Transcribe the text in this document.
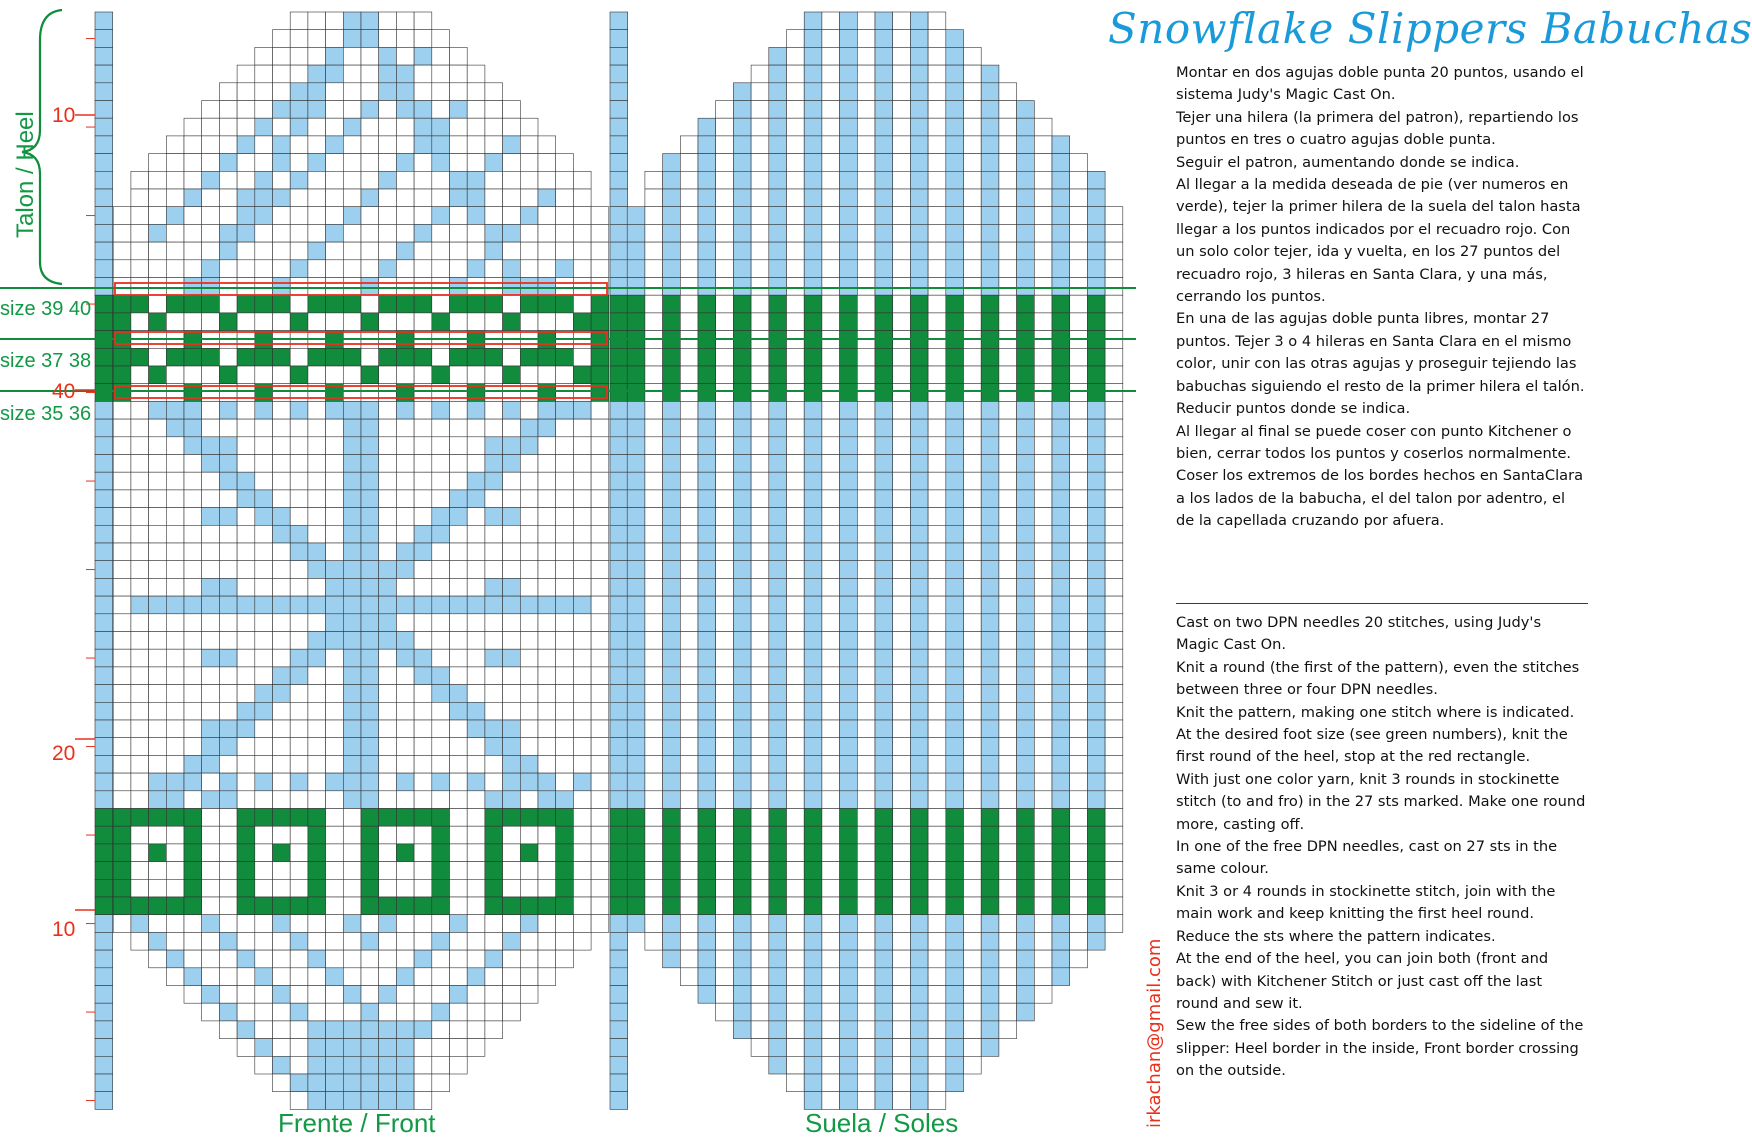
Snowflake Slippers Babuchas

Montar en dos agujas doble punta 20 puntos, usando el sistema Judy's Magic Cast On.

Tejer una hilera (la primera del patron), repartiendo los puntos en tres o cuatro agujas doble punta.

Seguir el patron, aumentando donde se indica.

Al llegar a la medida deseada de pie (ver numeros en verde), tejer la primer hilera de la suela del talon hasta llegar a los puntos indicados por el recuadro rojo. Con un solo color tejer, ida y vuelta, en los 27 puntos del recuadro rojo, 3 hileras en Santa Clara, y una más, cerrando los puntos.

En una de las agujas doble punta libres, montar 27 puntos. Tejer 3 o 4 hileras en Santa Clara en el mismo color, unir con las otras agujas y proseguir tejiendo las babuchas siguiendo el resto de la primer hilera el talón.

Reducir puntos donde se indica.

Al llegar al final se puede coser con punto Kitchener o bien, cerrar todos los puntos y coserlos normalmente.

Coser los extremos de los bordes hechos en SantaClara a los lados de la babucha, el del talon por adentro, el de la capellada cruzando por afuera.

Cast on two DPN needles 20 stitches, using Judy's Magic Cast On.

Knit a round (the first of the pattern), even the stitches between three or four DPN needles.

Knit the pattern, making one stitch where is indicated.

At the desired foot size (see green numbers), knit the first round of the heel, stop at the red rectangle.

With just one color yarn, knit 3 rounds in stockinette stitch (to and fro) in the 27 sts marked. Make one round more, casting off.

In one of the free DPN needles, cast on 27 sts in the same colour.

Knit 3 or 4 rounds in stockinette stitch, join with the main work and keep knitting the first heel round.

Reduce the sts where the pattern indicates.

At the end of the heel, you can join both (front and back) with Kitchener Stitch or just cast off the last round and sew it.

Sew the free sides of both borders to the sideline of the slipper: Heel border in the inside, Front border crossing on the outside.

irkachan@gmail.com
Frente / Front	Suela / Soles
10
40
20
10
size 39 40
size 37 38
size 35 36
Talon / Heel
